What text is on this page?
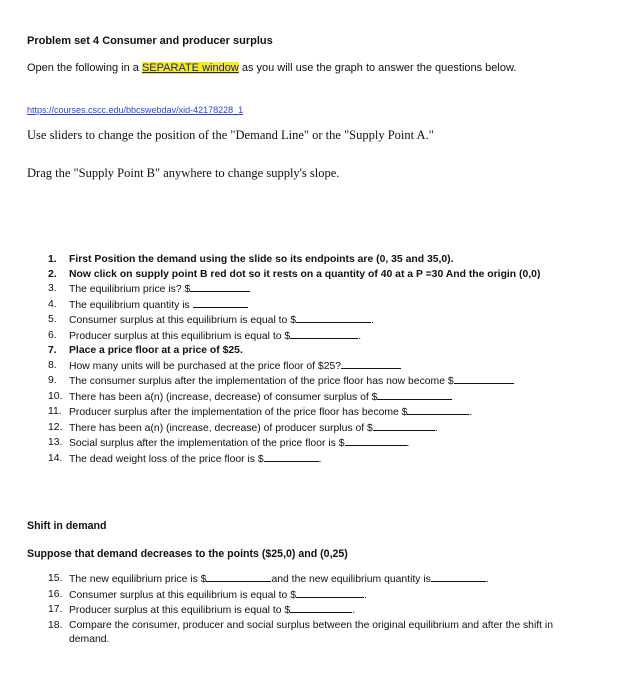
Problem set 4 Consumer and producer surplus
Open the following in a SEPARATE window as you will use the graph to answer the questions below.
https://courses.cscc.edu/bbcswebdav/xid-42178228_1
Use sliders to change the position of the "Demand Line" or the "Supply Point A."
Drag the "Supply Point B" anywhere to change supply's slope.
1. First Position the demand using the slide so its endpoints are (0, 35 and 35,0).
2. Now click on supply point B red dot so it rests on a quantity of 40 at a P =30 And the origin (0,0)
3. The equilibrium price is? $
4. The equilibrium quantity is
5. Consumer surplus at this equilibrium is equal to $	.
6. Producer surplus at this equilibrium is equal to $	.
7. Place a price floor at a price of $25.
8. How many units will be purchased at the price floor of $25?
9. The consumer surplus after the implementation of the price floor has now become $
10. There has been a(n) (increase, decrease) of consumer surplus of $
11. Producer surplus after the implementation of the price floor has become $	.
12. There has been a(n) (increase, decrease) of producer surplus of $	.
13. Social surplus after the implementation of the price floor is $	.
14. The dead weight loss of the price floor is $	.
Shift in demand
Suppose that demand decreases to the points ($25,0) and (0,25)
15. The new equilibrium price is $	and the new equilibrium quantity is	.
16. Consumer surplus at this equilibrium is equal to $	.
17. Producer surplus at this equilibrium is equal to $	.
18. Compare the consumer, producer and social surplus between the original equilibrium and after the shift in demand.
